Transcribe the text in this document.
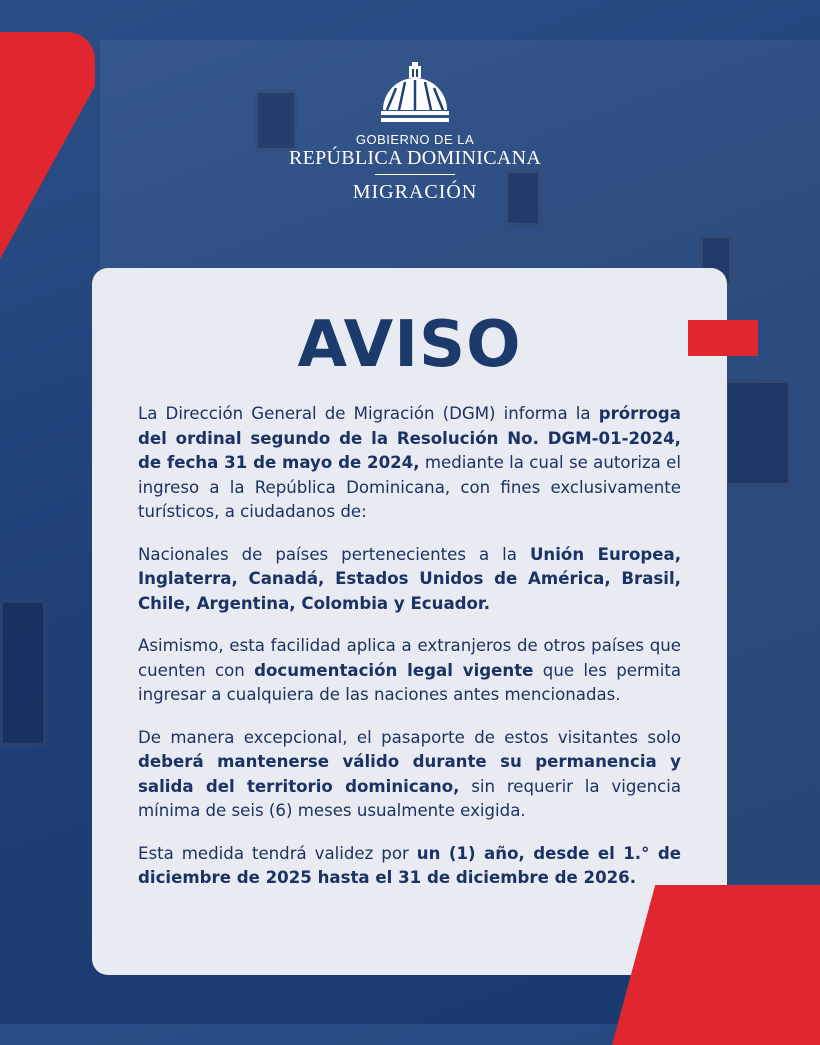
GOBIERNO DE LA
REPÚBLICA DOMINICANA
MIGRACIÓN
AVISO

La Dirección General de Migración (DGM) informa la prórroga del ordinal segundo de la Resolución No. DGM-01-2024, de fecha 31 de mayo de 2024, mediante la cual se autoriza el ingreso a la República Dominicana, con fines exclusivamente turísticos, a ciudadanos de:

Nacionales de países pertenecientes a la Unión Europea, Inglaterra, Canadá, Estados Unidos de América, Brasil, Chile, Argentina, Colombia y Ecuador.

Asimismo, esta facilidad aplica a extranjeros de otros países que cuenten con documentación legal vigente que les permita ingresar a cualquiera de las naciones antes mencionadas.

De manera excepcional, el pasaporte de estos visitantes solo deberá mantenerse válido durante su permanencia y salida del territorio dominicano, sin requerir la vigencia mínima de seis (6) meses usualmente exigida.

Esta medida tendrá validez por un (1) año, desde el 1.° de diciembre de 2025 hasta el 31 de diciembre de 2026.
